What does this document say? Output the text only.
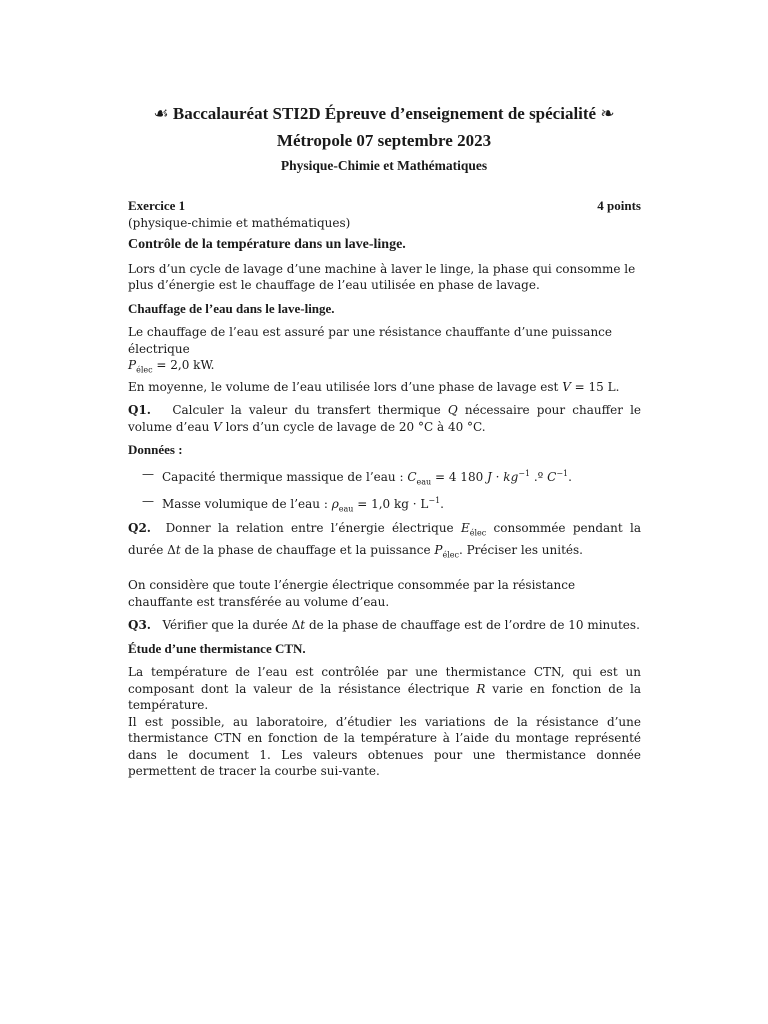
☙ Baccalauréat STI2D Épreuve d’enseignement de spécialité ❧
Métropole 07 septembre 2023
Physique-Chimie et Mathématiques
Exercice 1	4 points

(physique-chimie et mathématiques)

Contrôle de la température dans un lave-linge.

Lors d’un cycle de lavage d’une machine à laver le linge, la phase qui consomme le plus d’énergie est le chauffage de l’eau utilisée en phase de lavage.

Chauffage de l’eau dans le lave-linge.

Le chauffage de l’eau est assuré par une résistance chauffante d’une puissance électrique
$P_{élec} = 2,0$ kW.
En moyenne, le volume de l’eau utilisée lors d’une phase de lavage est V = 15 L.

Q1. Calculer la valeur du transfert thermique Q nécessaire pour chauffer le volume d’eau V lors d’un cycle de lavage de 20 °C à 40 °C.

Données :

— Capacité thermique massique de l’eau : $C_{eau} = 4$ 180 $J \cdot kg^{-1}$ .º $C^{-1}$.

— Masse volumique de l’eau : $\rho_{eau} = 1,0$ kg · $L^{-1}$.

Q2. Donner la relation entre l’énergie électrique $E_{élec}$ consommée pendant la durée Δt de la phase de chauffage et la puissance $P_{élec}$. Préciser les unités.

On considère que toute l’énergie électrique consommée par la résistance chauffante est transférée au volume d’eau.

Q3. Vérifier que la durée Δt de la phase de chauffage est de l’ordre de 10 minutes.

Étude d’une thermistance CTN.

La température de l’eau est contrôlée par une thermistance CTN, qui est un composant dont la valeur de la résistance électrique R varie en fonction de la température.
Il est possible, au laboratoire, d’étudier les variations de la résistance d’une thermistance CTN en fonction de la température à l’aide du montage représenté dans le document 1. Les valeurs obtenues pour une thermistance donnée permettent de tracer la courbe sui-vante.
